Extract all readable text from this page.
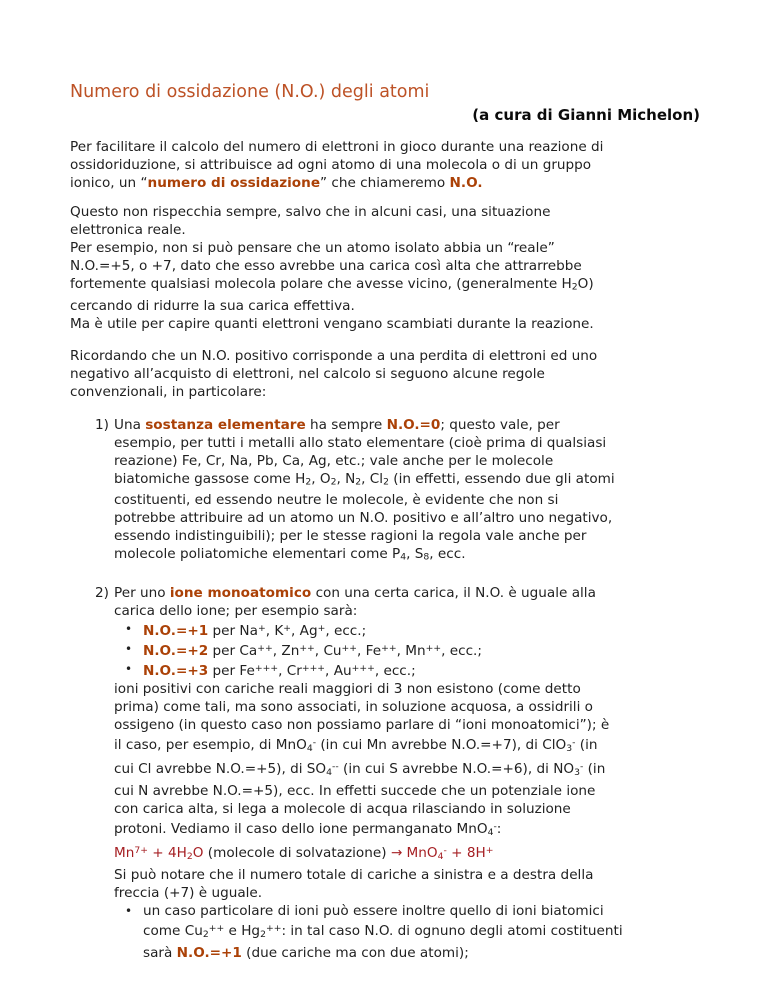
Numero di ossidazione (N.O.) degli atomi
(a cura di Gianni Michelon)
Per facilitare il calcolo del numero di elettroni in gioco durante una reazione di
ossidoriduzione, si attribuisce ad ogni atomo di una molecola o di un gruppo
ionico, un “numero di ossidazione” che chiameremo N.O.
Questo non rispecchia sempre, salvo che in alcuni casi, una situazione
elettronica reale.
Per esempio, non si può pensare che un atomo isolato abbia un “reale”
N.O.=+5, o +7, dato che esso avrebbe una carica così alta che attrarrebbe
fortemente qualsiasi molecola polare che avesse vicino, (generalmente H2O)
cercando di ridurre la sua carica effettiva.
Ma è utile per capire quanti elettroni vengano scambiati durante la reazione.
Ricordando che un N.O. positivo corrisponde a una perdita di elettroni ed uno
negativo all’acquisto di elettroni, nel calcolo si seguono alcune regole
convenzionali, in particolare:
1) Una sostanza elementare ha sempre N.O.=0; questo vale, per
esempio, per tutti i metalli allo stato elementare (cioè prima di qualsiasi
reazione) Fe, Cr, Na, Pb, Ca, Ag, etc.; vale anche per le molecole
biatomiche gassose come H2, O2, N2, Cl2 (in effetti, essendo due gli atomi
costituenti, ed essendo neutre le molecole, è evidente che non si
potrebbe attribuire ad un atomo un N.O. positivo e all’altro uno negativo,
essendo indistinguibili); per le stesse ragioni la regola vale anche per
molecole poliatomiche elementari come P4, S8, ecc.
2) Per uno ione monoatomico con una certa carica, il N.O. è uguale alla
carica dello ione; per esempio sarà:
• N.O.=+1 per Na+, K+, Ag+, ecc.;
• N.O.=+2 per Ca++, Zn++, Cu++, Fe++, Mn++, ecc.;
• N.O.=+3 per Fe+++, Cr+++, Au+++, ecc.;
ioni positivi con cariche reali maggiori di 3 non esistono (come detto
prima) come tali, ma sono associati, in soluzione acquosa, a ossidrili o
ossigeno (in questo caso non possiamo parlare di “ioni monoatomici”); è
il caso, per esempio, di MnO4- (in cui Mn avrebbe N.O.=+7), di ClO3- (in
cui Cl avrebbe N.O.=+5), di SO4-- (in cui S avrebbe N.O.=+6), di NO3- (in
cui N avrebbe N.O.=+5), ecc. In effetti succede che un potenziale ione
con carica alta, si lega a molecole di acqua rilasciando in soluzione
protoni. Vediamo il caso dello ione permanganato MnO4-:
$Mn^{7+} + 4H2O$ (molecole di solvatazione) → MnO4- + 8H+
Si può notare che il numero totale di cariche a sinistra e a destra della
freccia (+7) è uguale.
• un caso particolare di ioni può essere inoltre quello di ioni biatomici
come Cu2++ e Hg2++: in tal caso N.O. di ognuno degli atomi costituenti
sarà N.O.=+1 (due cariche ma con due atomi);
